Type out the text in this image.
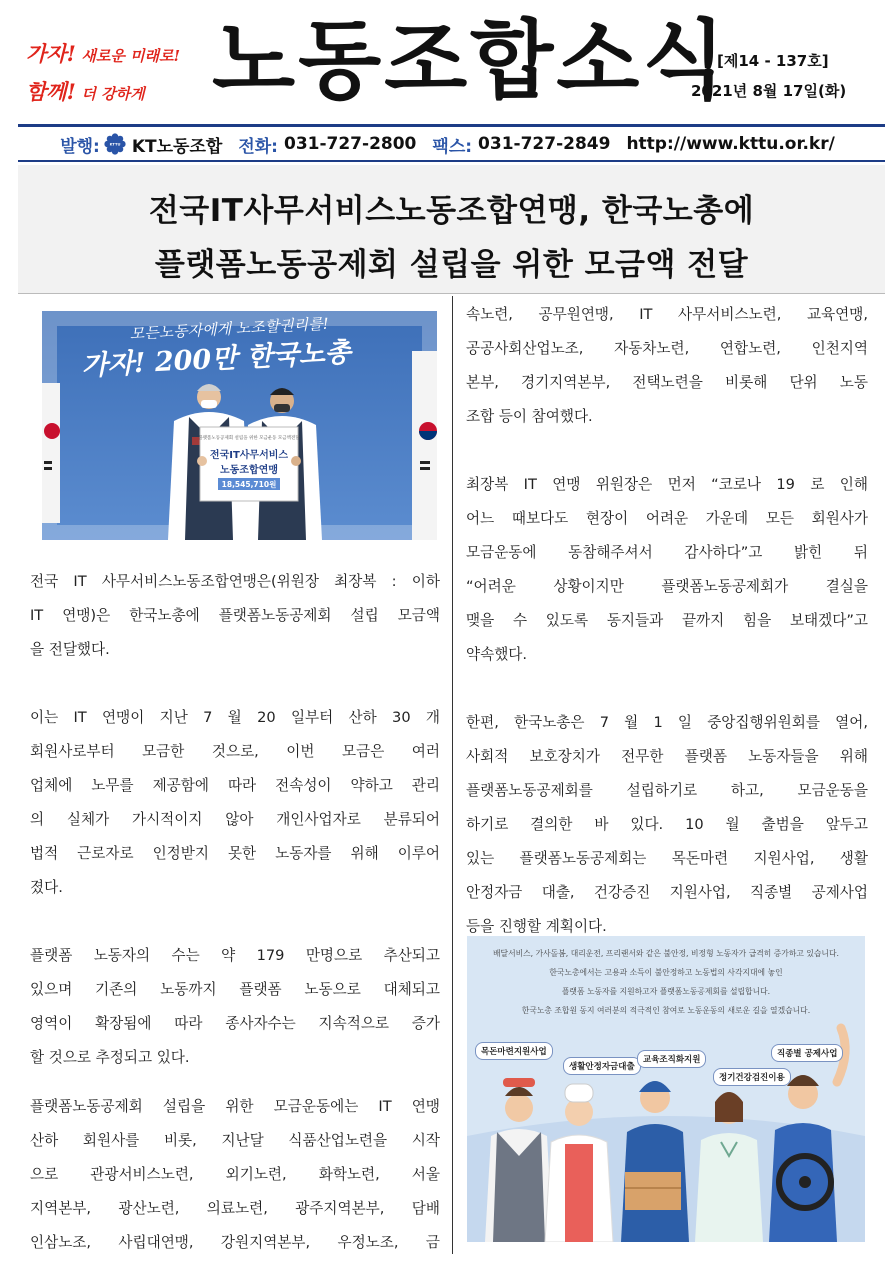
가자! 새로운 미래로!
함께! 더 강하게 노동조합소식
[제14 - 137호]
2021년 8월 17일(화)
발행: KTTU KT노동조합 전화: 031-727-2800 팩스: 031-727-2849 http://www.kttu.or.kr/
전국IT사무서비스노동조합연맹, 한국노총에
플랫폼노동공제회 설립을 위한 모금액 전달
모든노동자에게 노조할권리를!
가자! 200만 한국노총
플랫폼노동공제회 설립을 위한 모금운동 모금액전달
전국IT사무서비스
노동조합연맹
18,545,710원

전국 IT 사무서비스노동조합연맹은(위원장 최장복 : 이하

IT 연맹)은 한국노총에 플랫폼노동공제회 설립 모금액

을 전달했다.

이는 IT 연맹이 지난 7 월 20 일부터 산하 30 개

회원사로부터 모금한 것으로, 이번 모금은 여러

업체에 노무를 제공함에 따라 전속성이 약하고 관리

의 실체가 가시적이지 않아 개인사업자로 분류되어

법적 근로자로 인정받지 못한 노동자를 위해 이루어

졌다.

플랫폼 노동자의 수는 약 179 만명으로 추산되고

있으며 기존의 노동까지 플랫폼 노동으로 대체되고

영역이 확장됨에 따라 종사자수는 지속적으로 증가

할 것으로 추정되고 있다.

플랫폼노동공제회 설립을 위한 모금운동에는 IT 연맹

산하 회원사를 비롯, 지난달 식품산업노련을 시작

으로 관광서비스노련, 외기노련, 화학노련, 서울

지역본부, 광산노련, 의료노련, 광주지역본부, 담배

인삼노조, 사립대연맹, 강원지역본부, 우정노조, 금

속노련, 공무원연맹, IT 사무서비스노련, 교육연맹,

공공사회산업노조, 자동차노련, 연합노련, 인천지역

본부, 경기지역본부, 전택노련을 비롯해 단위 노동

조합 등이 참여했다.

최장복 IT 연맹 위원장은 먼저 “코로나 19 로 인해

어느 때보다도 현장이 어려운 가운데 모든 회원사가

모금운동에 동참해주셔서 감사하다”고 밝힌 뒤

“어려운 상황이지만 플랫폼노동공제회가 결실을

맺을 수 있도록 동지들과 끝까지 힘을 보태겠다”고

약속했다.

한편, 한국노총은 7 월 1 일 중앙집행위원회를 열어,

사회적 보호장치가 전무한 플랫폼 노동자들을 위해

플랫폼노동공제회를 설립하기로 하고, 모금운동을

하기로 결의한 바 있다. 10 월 출범을 앞두고

있는 플랫폼노동공제회는 목돈마련 지원사업, 생활

안정자금 대출, 건강증진 지원사업, 직종별 공제사업

등을 진행할 계획이다.

배달서비스, 가사돌봄, 대리운전, 프리랜서와 같은 불안정, 비정형 노동자가 급격히 증가하고 있습니다.
한국노총에서는 고용과 소득이 불안정하고 노동법의 사각지대에 놓인
플랫폼 노동자를 지원하고자 플랫폼노동공제회를 설립합니다.
한국노총 조합원 동지 여러분의 적극적인 참여로 노동운동의 새로운 길을 열겠습니다.
목돈마련지원사업
생활안정자금대출
교육조직화지원
정기건강검진이용
직종별 공제사업
